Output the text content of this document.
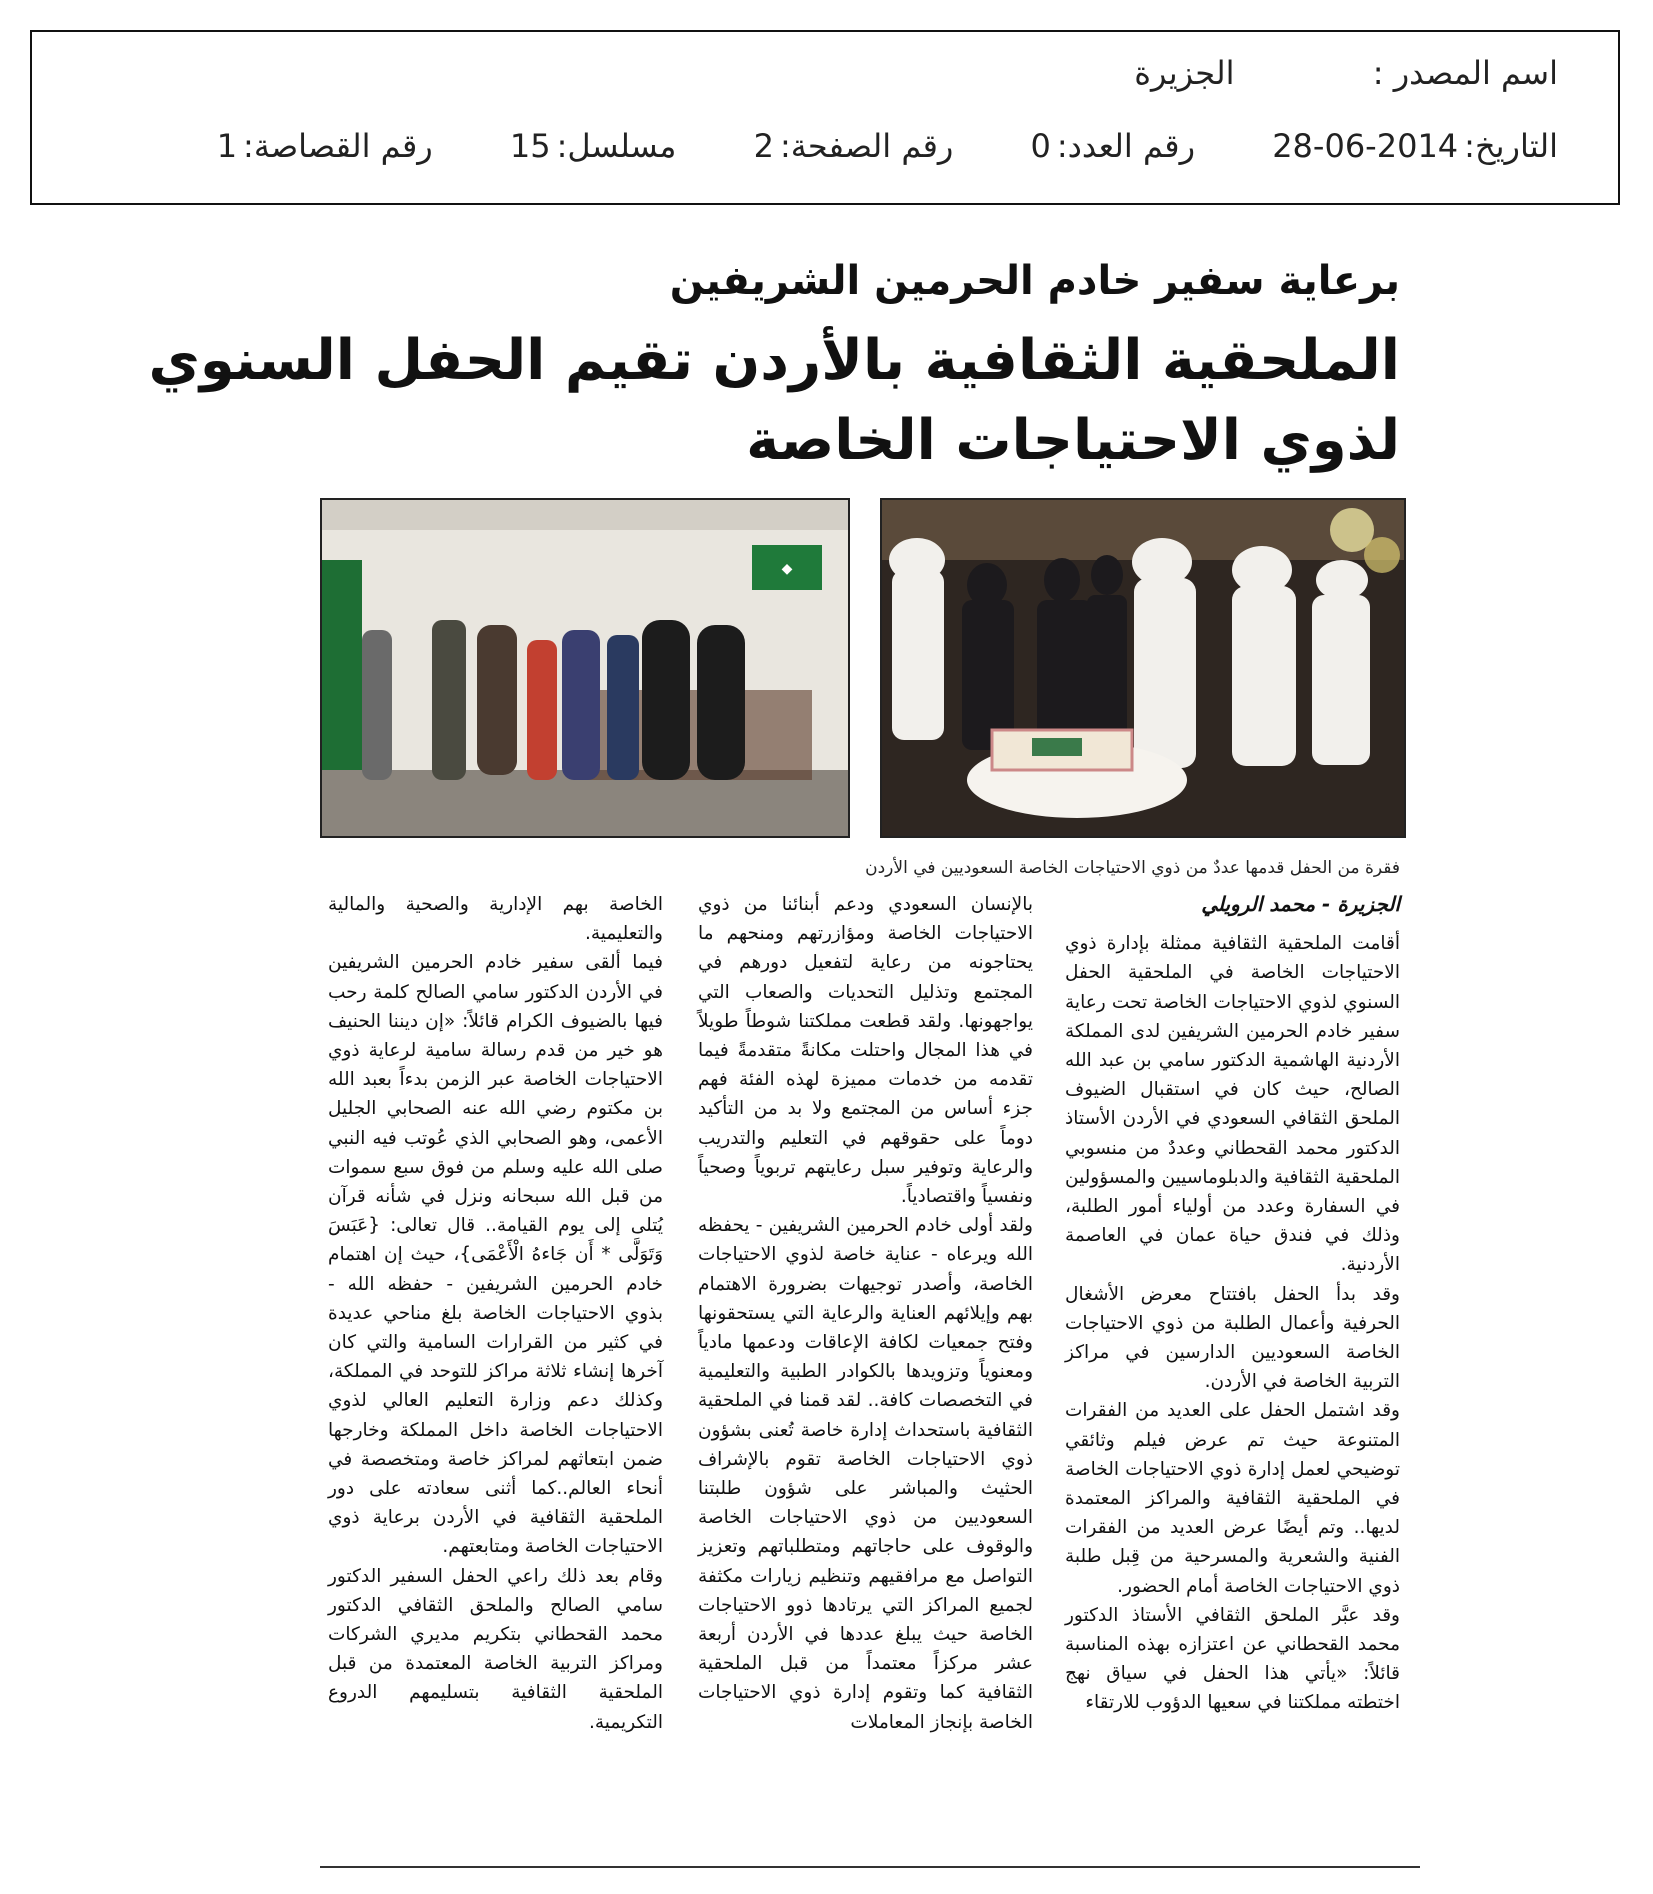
اسم المصدر : الجزيرة
التاريخ:2014-06-28 رقم العدد:0 رقم الصفحة:2 مسلسل:15 رقم القصاصة:1
برعاية سفير خادم الحرمين الشريفين
الملحقية الثقافية بالأردن تقيم الحفل السنوي
لذوي الاحتياجات الخاصة
◆
فقرة من الحفل قدمها عددٌ من ذوي الاحتياجات الخاصة السعوديين في الأردن

الجزيرة - محمد الرويلي

أقامت الملحقية الثقافية ممثلة بإدارة ذوي الاحتياجات الخاصة في الملحقية الحفل السنوي لذوي الاحتياجات الخاصة تحت رعاية سفير خادم الحرمين الشريفين لدى المملكة الأردنية الهاشمية الدكتور سامي بن عبد الله الصالح، حيث كان في استقبال الضيوف الملحق الثقافي السعودي في الأردن الأستاذ الدكتور محمد القحطاني وعددٌ من منسوبي الملحقية الثقافية والدبلوماسيين والمسؤولين في السفارة وعدد من أولياء أمور الطلبة، وذلك في فندق حياة عمان في العاصمة الأردنية.

وقد بدأ الحفل بافتتاح معرض الأشغال الحرفية وأعمال الطلبة من ذوي الاحتياجات الخاصة السعوديين الدارسين في مراكز التربية الخاصة في الأردن.

وقد اشتمل الحفل على العديد من الفقرات المتنوعة حيث تم عرض فيلم وثائقي توضيحي لعمل إدارة ذوي الاحتياجات الخاصة في الملحقية الثقافية والمراكز المعتمدة لديها.. وتم أيضًا عرض العديد من الفقرات الفنية والشعرية والمسرحية من قِبل طلبة ذوي الاحتياجات الخاصة أمام الحضور.

وقد عبَّر الملحق الثقافي الأستاذ الدكتور محمد القحطاني عن اعتزازه بهذه المناسبة قائلاً: «يأتي هذا الحفل في سياق نهج اختطته مملكتنا في سعيها الدؤوب للارتقاء

بالإنسان السعودي ودعم أبنائنا من ذوي الاحتياجات الخاصة ومؤازرتهم ومنحهم ما يحتاجونه من رعاية لتفعيل دورهم في المجتمع وتذليل التحديات والصعاب التي يواجهونها. ولقد قطعت مملكتنا شوطاً طويلاً في هذا المجال واحتلت مكانةً متقدمةً فيما تقدمه من خدمات مميزة لهذه الفئة فهم جزء أساس من المجتمع ولا بد من التأكيد دوماً على حقوقهم في التعليم والتدريب والرعاية وتوفير سبل رعايتهم تربوياً وصحياً ونفسياً واقتصادياً.

ولقد أولى خادم الحرمين الشريفين - يحفظه الله ويرعاه - عناية خاصة لذوي الاحتياجات الخاصة، وأصدر توجيهات بضرورة الاهتمام بهم وإيلائهم العناية والرعاية التي يستحقونها وفتح جمعيات لكافة الإعاقات ودعمها مادياً ومعنوياً وتزويدها بالكوادر الطبية والتعليمية في التخصصات كافة.. لقد قمنا في الملحقية الثقافية باستحداث إدارة خاصة تُعنى بشؤون ذوي الاحتياجات الخاصة تقوم بالإشراف الحثيث والمباشر على شؤون طلبتنا السعوديين من ذوي الاحتياجات الخاصة والوقوف على حاجاتهم ومتطلباتهم وتعزيز التواصل مع مرافقيهم وتنظيم زيارات مكثفة لجميع المراكز التي يرتادها ذوو الاحتياجات الخاصة حيث يبلغ عددها في الأردن أربعة عشر مركزاً معتمداً من قبل الملحقية الثقافية كما وتقوم إدارة ذوي الاحتياجات الخاصة بإنجاز المعاملات

الخاصة بهم الإدارية والصحية والمالية والتعليمية.

فيما ألقى سفير خادم الحرمين الشريفين في الأردن الدكتور سامي الصالح كلمة رحب فيها بالضيوف الكرام قائلاً: «إن ديننا الحنيف هو خير من قدم رسالة سامية لرعاية ذوي الاحتياجات الخاصة عبر الزمن بدءاً بعبد الله بن مكتوم رضي الله عنه الصحابي الجليل الأعمى، وهو الصحابي الذي عُوتب فيه النبي صلى الله عليه وسلم من فوق سبع سموات من قبل الله سبحانه ونزل في شأنه قرآن يُتلى إلى يوم القيامة.. قال تعالى: {عَبَسَ وَتَوَلَّى * أَن جَاءهُ الْأَعْمَى}، حيث إن اهتمام خادم الحرمين الشريفين - حفظه الله - بذوي الاحتياجات الخاصة بلغ مناحي عديدة في كثير من القرارات السامية والتي كان آخرها إنشاء ثلاثة مراكز للتوحد في المملكة، وكذلك دعم وزارة التعليم العالي لذوي الاحتياجات الخاصة داخل المملكة وخارجها ضمن ابتعاثهم لمراكز خاصة ومتخصصة في أنحاء العالم..كما أثنى سعادته على دور الملحقية الثقافية في الأردن برعاية ذوي الاحتياجات الخاصة ومتابعتهم.

وقام بعد ذلك راعي الحفل السفير الدكتور سامي الصالح والملحق الثقافي الدكتور محمد القحطاني بتكريم مديري الشركات ومراكز التربية الخاصة المعتمدة من قبل الملحقية الثقافية بتسليمهم الدروع التكريمية.
